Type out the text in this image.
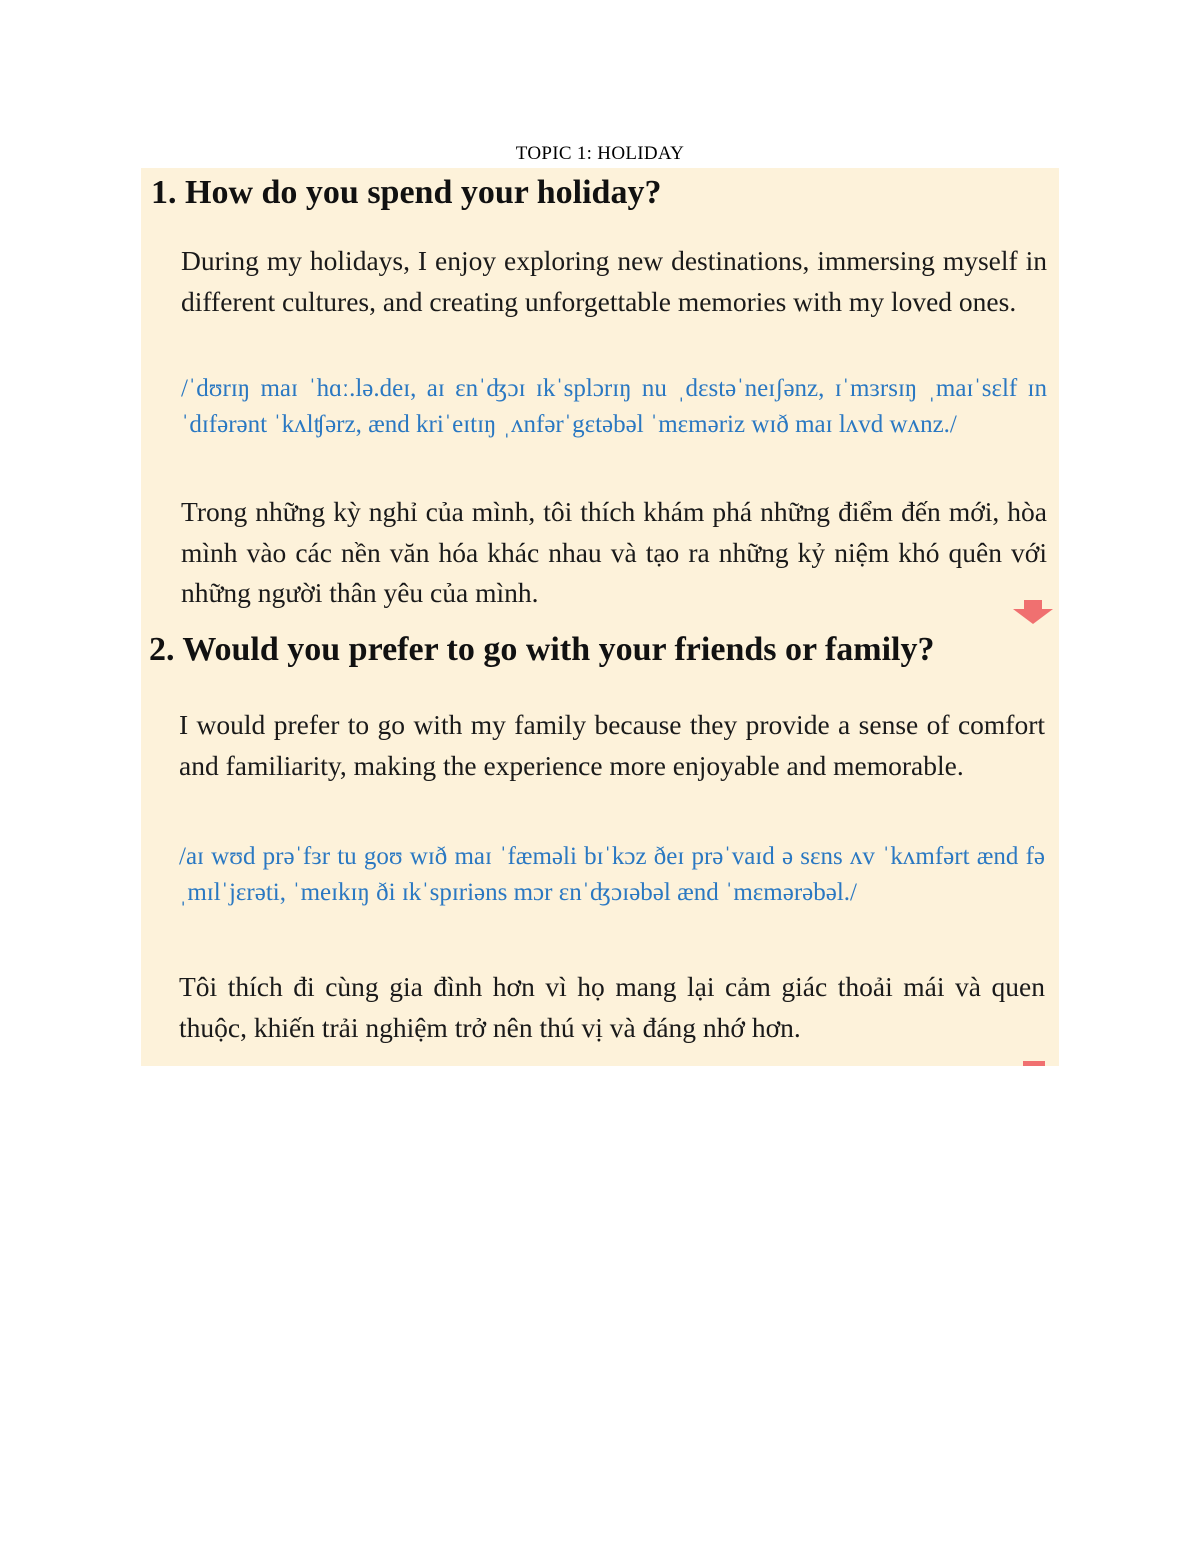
TOPIC 1: HOLIDAY
1. How do you spend your holiday?
During my holidays, I enjoy exploring new destinations, immersing myself in different cultures, and creating unforgettable memories with my loved ones.
/ˈdʊrɪŋ maɪ ˈhɑː.lə.deɪ, aɪ ɛnˈʤɔɪ ɪkˈsplɔrɪŋ nu ˌdɛstəˈneɪʃənz, ɪˈmɜrsɪŋ ˌmaɪˈsɛlf ɪn ˈdɪfərənt ˈkʌlʧərz, ænd kriˈeɪtɪŋ ˌʌnfərˈgɛtəbəl ˈmɛməriz wɪð maɪ lʌvd wʌnz./
Trong những kỳ nghỉ của mình, tôi thích khám phá những điểm đến mới, hòa mình vào các nền văn hóa khác nhau và tạo ra những kỷ niệm khó quên với những người thân yêu của mình.
2. Would you prefer to go with your friends or family?
I would prefer to go with my family because they provide a sense of comfort and familiarity, making the experience more enjoyable and memorable.
/aɪ wʊd prəˈfɜr tu goʊ wɪð maɪ ˈfæməli bɪˈkɔz ðeɪ prəˈvaɪd ə sɛns ʌv ˈkʌmfərt ænd fəˌmɪlˈjɛrəti, ˈmeɪkɪŋ ði ɪkˈspɪriəns mɔr ɛnˈʤɔɪəbəl ænd ˈmɛmərəbəl./
Tôi thích đi cùng gia đình hơn vì họ mang lại cảm giác thoải mái và quen thuộc, khiến trải nghiệm trở nên thú vị và đáng nhớ hơn.
